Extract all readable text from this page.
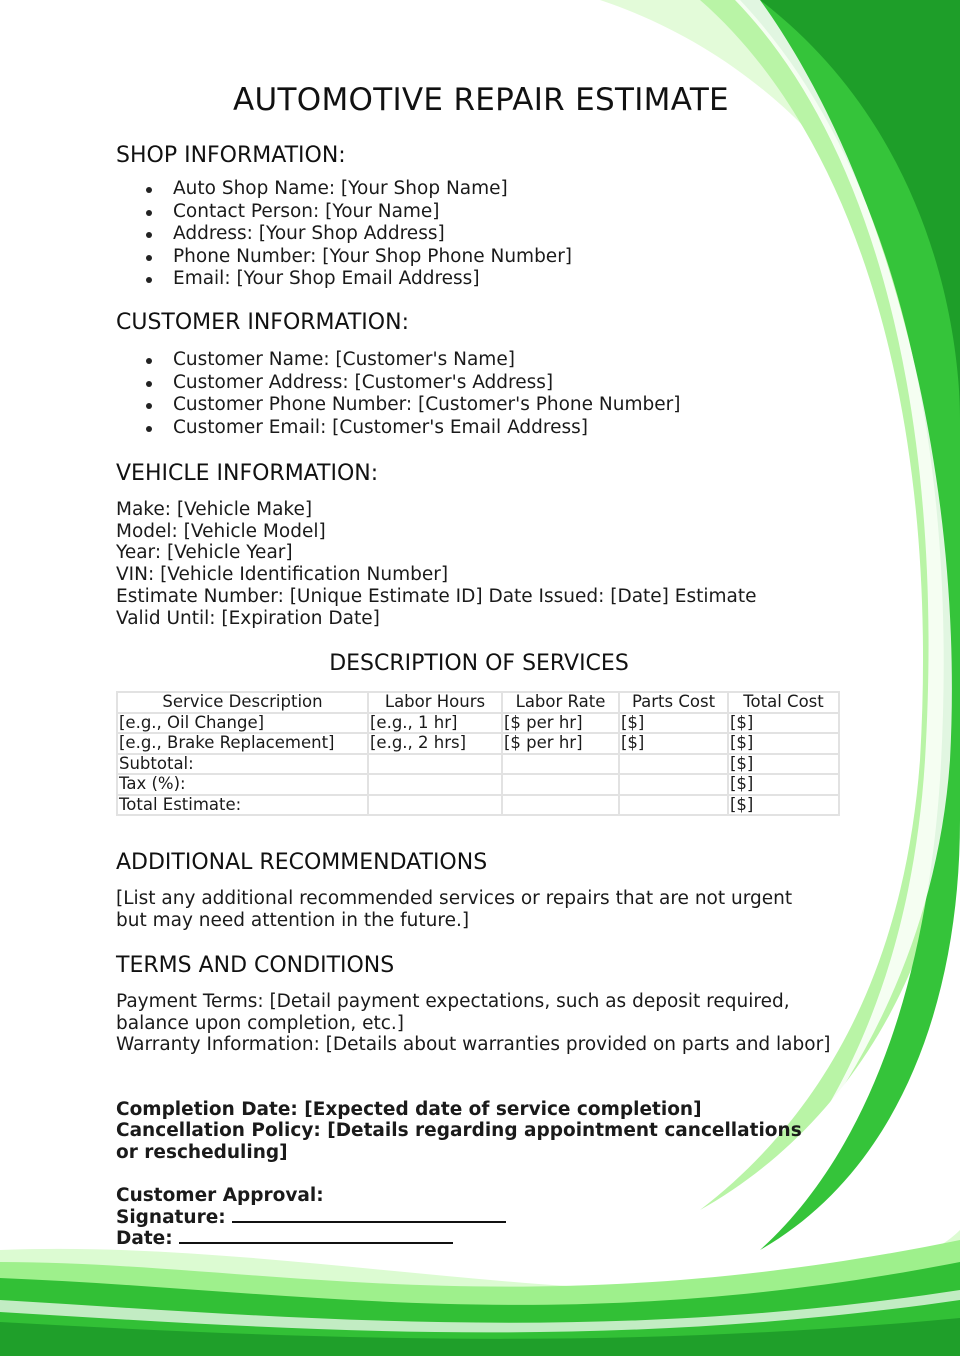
AUTOMOTIVE REPAIR ESTIMATE
SHOP INFORMATION:
Auto Shop Name: [Your Shop Name]
Contact Person: [Your Name]
Address: [Your Shop Address]
Phone Number: [Your Shop Phone Number]
Email: [Your Shop Email Address]
CUSTOMER INFORMATION:
Customer Name: [Customer's Name]
Customer Address: [Customer's Address]
Customer Phone Number: [Customer's Phone Number]
Customer Email: [Customer's Email Address]
VEHICLE INFORMATION:
Make: [Vehicle Make]
Model: [Vehicle Model]
Year: [Vehicle Year]
VIN: [Vehicle Identification Number]
Estimate Number: [Unique Estimate ID] Date Issued: [Date] Estimate
Valid Until: [Expiration Date]
DESCRIPTION OF SERVICES
Service Description	Labor Hours	Labor Rate	Parts Cost	Total Cost
[e.g., Oil Change]	[e.g., 1 hr]	[$ per hr]	[$]	[$]
[e.g., Brake Replacement]	[e.g., 2 hrs]	[$ per hr]	[$]	[$]
Subtotal:				[$]
Tax (%):				[$]
Total Estimate:				[$]
ADDITIONAL RECOMMENDATIONS

[List any additional recommended services or repairs that are not urgent but may need attention in the future.]

TERMS AND CONDITIONS

Payment Terms: [Detail payment expectations, such as deposit required, balance upon completion, etc.]

Warranty Information: [Details about warranties provided on parts and labor]

Completion Date: [Expected date of service completion]

Cancellation Policy: [Details regarding appointment cancellations or rescheduling]

Customer Approval:
Signature:
Date:
